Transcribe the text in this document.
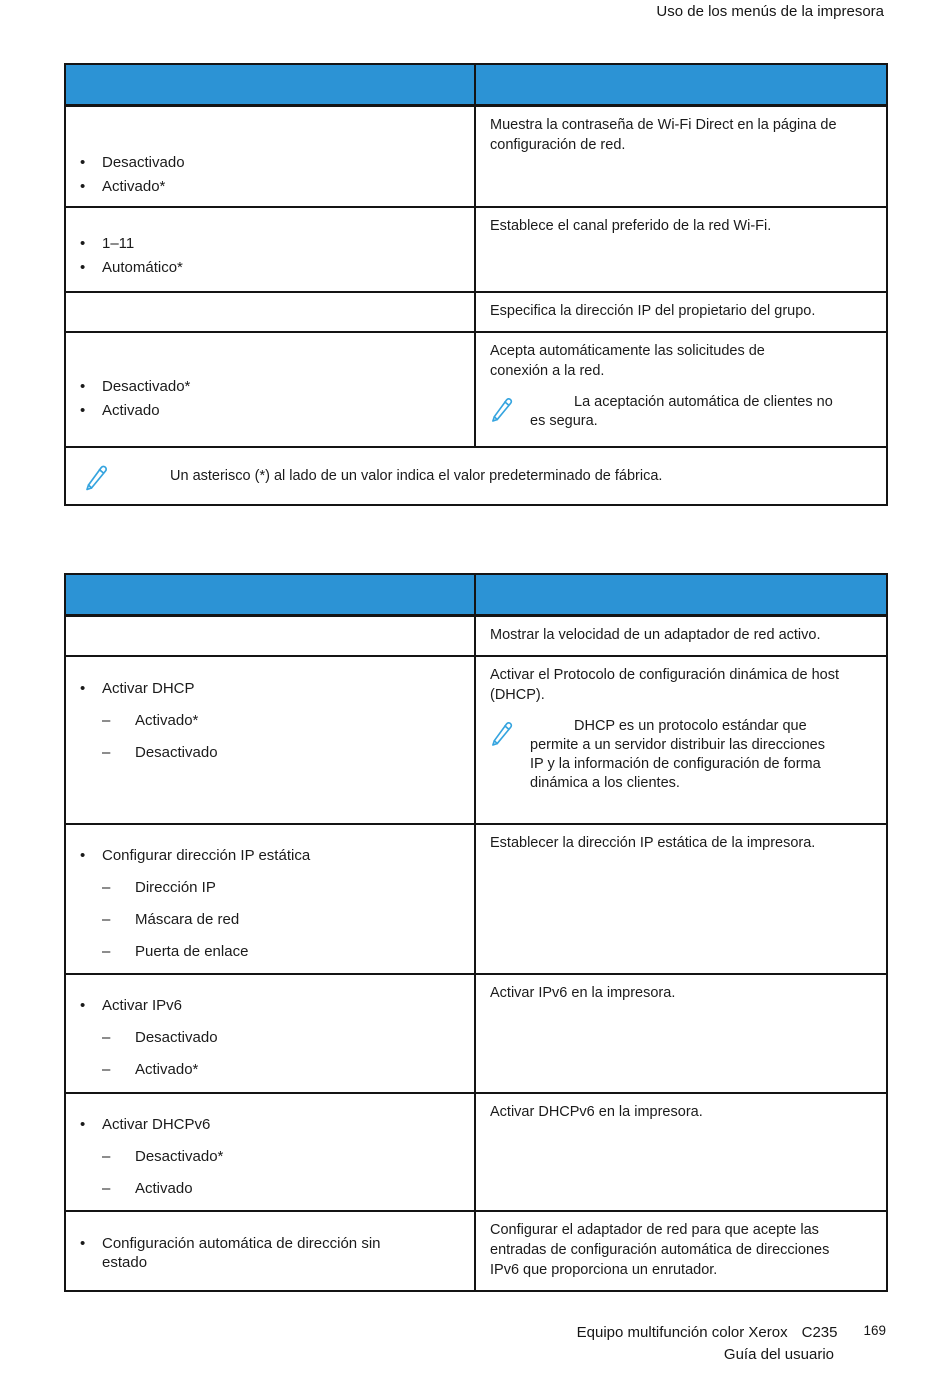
Uso de los menús de la impresora
• Desactivado
• Activado*

Muestra la contraseña de Wi-Fi Direct en la página de configuración de red.

• 1–11
• Automático*

Establece el canal preferido de la red Wi-Fi.

Especifica la dirección IP del propietario del grupo.

• Desactivado*
• Activado

Acepta automáticamente las solicitudes de conexión a la red.

La aceptación automática de clientes no es segura.
Un asterisco (*) al lado de un valor indica el valor predeterminado de fábrica.

Mostrar la velocidad de un adaptador de red activo.

• Activar DHCP
– Activado*
– Desactivado

Activar el Protocolo de configuración dinámica de host (DHCP).

DHCP es un protocolo estándar que permite a un servidor distribuir las direcciones IP y la información de configuración de forma dinámica a los clientes.
• Configurar dirección IP estática
– Dirección IP
– Máscara de red
– Puerta de enlace

Establecer la dirección IP estática de la impresora.

• Activar IPv6
– Desactivado
– Activado*

Activar IPv6 en la impresora.

• Activar DHCPv6
– Desactivado*
– Activado

Activar DHCPv6 en la impresora.

• Configuración automática de dirección sin estado

Configurar el adaptador de red para que acepte las entradas de configuración automática de direcciones IPv6 que proporciona un enrutador.

Equipo multifunción color Xerox C235 169
Guía del usuario
